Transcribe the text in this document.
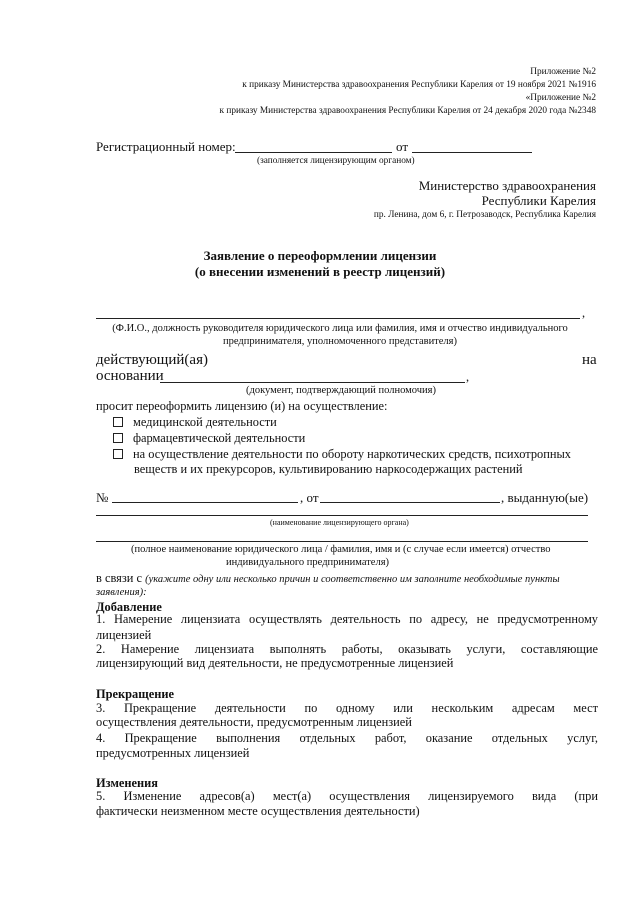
Приложение №2
к приказу Министерства здравоохранения Республики Карелия от 19 ноября 2021 №1916
«Приложение №2
к приказу Министерства здравоохранения Республики Карелия от 24 декабря 2020 года №2348
Регистрационный номер:	от
(заполняется лицензирующим органом)
Министерство здравоохранения
Республики Карелия
пр. Ленина, дом 6, г. Петрозаводск, Республика Карелия
Заявление о переоформлении лицензии
(о внесении изменений в реестр лицензий)
,
(Ф.И.О., должность руководителя юридического лица или фамилия, имя и отчество индивидуального
предпринимателя, уполномоченного представителя)
действующий(ая)	на
основании	,
(документ, подтверждающий полномочия)
просит переоформить лицензию (и) на осуществление:
медицинской деятельности
фармацевтической деятельности
на осуществление деятельности по обороту наркотических средств, психотропных
веществ и их прекурсоров, культивированию наркосодержащих растений
№	, от	, выданную(ые)
(наименование лицензирующего органа)
(полное наименование юридического лица / фамилия, имя и (с случае если имеется) отчество
индивидуального предпринимателя)
в связи с (укажите одну или несколько причин и соответственно им заполните необходимые пункты
заявления):
Добавление
1. Намерение лицензиата осуществлять деятельность по адресу, не предусмотренному
лицензией
2. Намерение лицензиата выполнять работы, оказывать услуги, составляющие
лицензирующий вид деятельности, не предусмотренные лицензией
Прекращение
3. Прекращение деятельности по одному или нескольким адресам мест
осуществления деятельности, предусмотренным лицензией
4. Прекращение выполнения отдельных работ, оказание отдельных услуг,
предусмотренных лицензией
Изменения
5. Изменение адресов(а) мест(а) осуществления лицензируемого вида (при
фактически неизменном месте осуществления деятельности)
